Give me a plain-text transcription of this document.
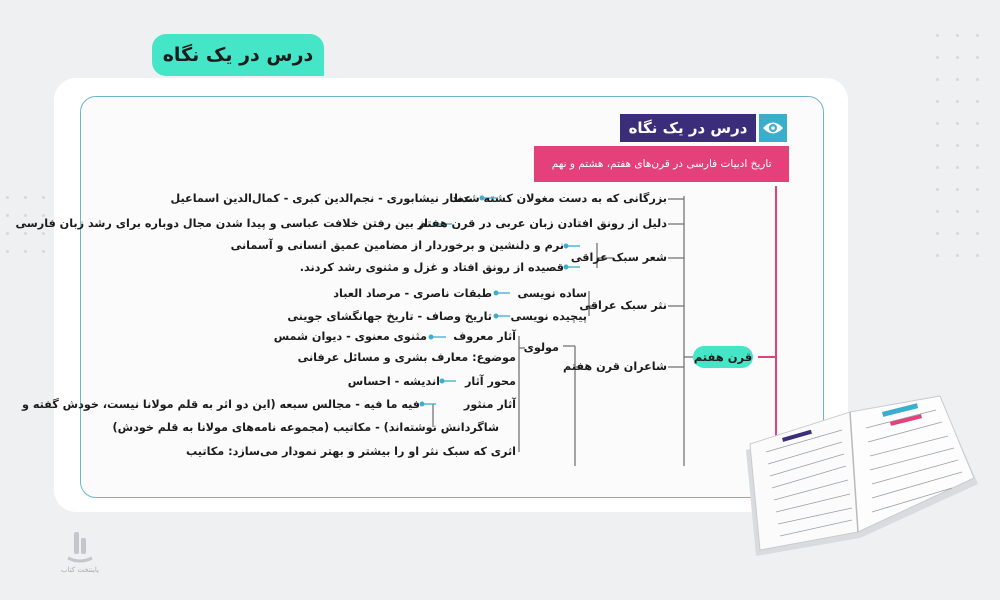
درس در یک نگاه
درس در یک نگاه
تاریخ ادبیات فارسی در قرن‌های هفتم، هشتم و نهم
قرن هفتم
بزرگانی که به دست مغولان کشته شدند
دلیل از رونق افتادن زبان عربی در قرن هفتم
شعر سبک عراقی
نثر سبک عراقی
شاعران قرن هفتم
عطار نیشابوری - نجم‌الدین کبری - کمال‌الدین اسماعیل
از بین رفتن خلافت عباسی و پیدا شدن مجال دوباره برای رشد زبان فارسی
نرم و دلنشین و برخوردار از مضامین عمیق انسانی و آسمانی
قصیده از رونق افتاد و غزل و مثنوی رشد کردند.
ساده نویسی
پیچیده نویسی
طبقات ناصری - مرصاد العباد
تاریخ وصاف - تاریخ جهانگشای جوینی
مولوی
آثار معروف
مثنوی معنوی - دیوان شمس
موضوع: معارف بشری و مسائل عرفانی
محور آثار
اندیشه - احساس
آثار منثور
فیه ما فیه - مجالس سبعه (این دو اثر به قلم مولانا نیست، خودش گفته و
شاگردانش نوشته‌اند) - مکاتیب (مجموعه نامه‌های مولانا به قلم خودش)
اثری که سبک نثر او را بیشتر و بهتر نمودار می‌سازد: مکاتیب
پاینتخت کتاب
